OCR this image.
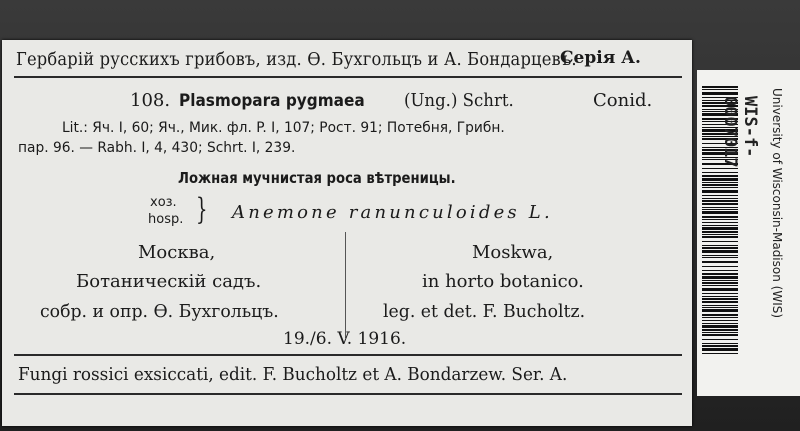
Серія А.
Гербарій русскихъ грибовъ, изд. Ѳ. Бухгольцъ и А. Бондарцевъ.
108. Plasmopara pygmaea (Ung.) Schrt.	Conid.
Lit.: Яч. I, 60; Яч., Мик. фл. P. I, 107; Рост. 91; Потебня, Грибн.
пар. 96. — Rabh. I, 4, 430; Schrt. I, 239.
Ложная мучнистая роса вѣтреницы.
хоз.
hosp. } Anemone ranunculoides L.
Москва,
Ботаническій садъ.
собр. и опр. Ѳ. Бухгольцъ.
Moskwa,
in horto botanico.
leg. et det. F. Bucholtz.
19./6. V. 1916.
Fungi rossici exsiccati, edit. F. Bucholtz et A. Bondarzew. Ser. A.
WIS-f-0007017
